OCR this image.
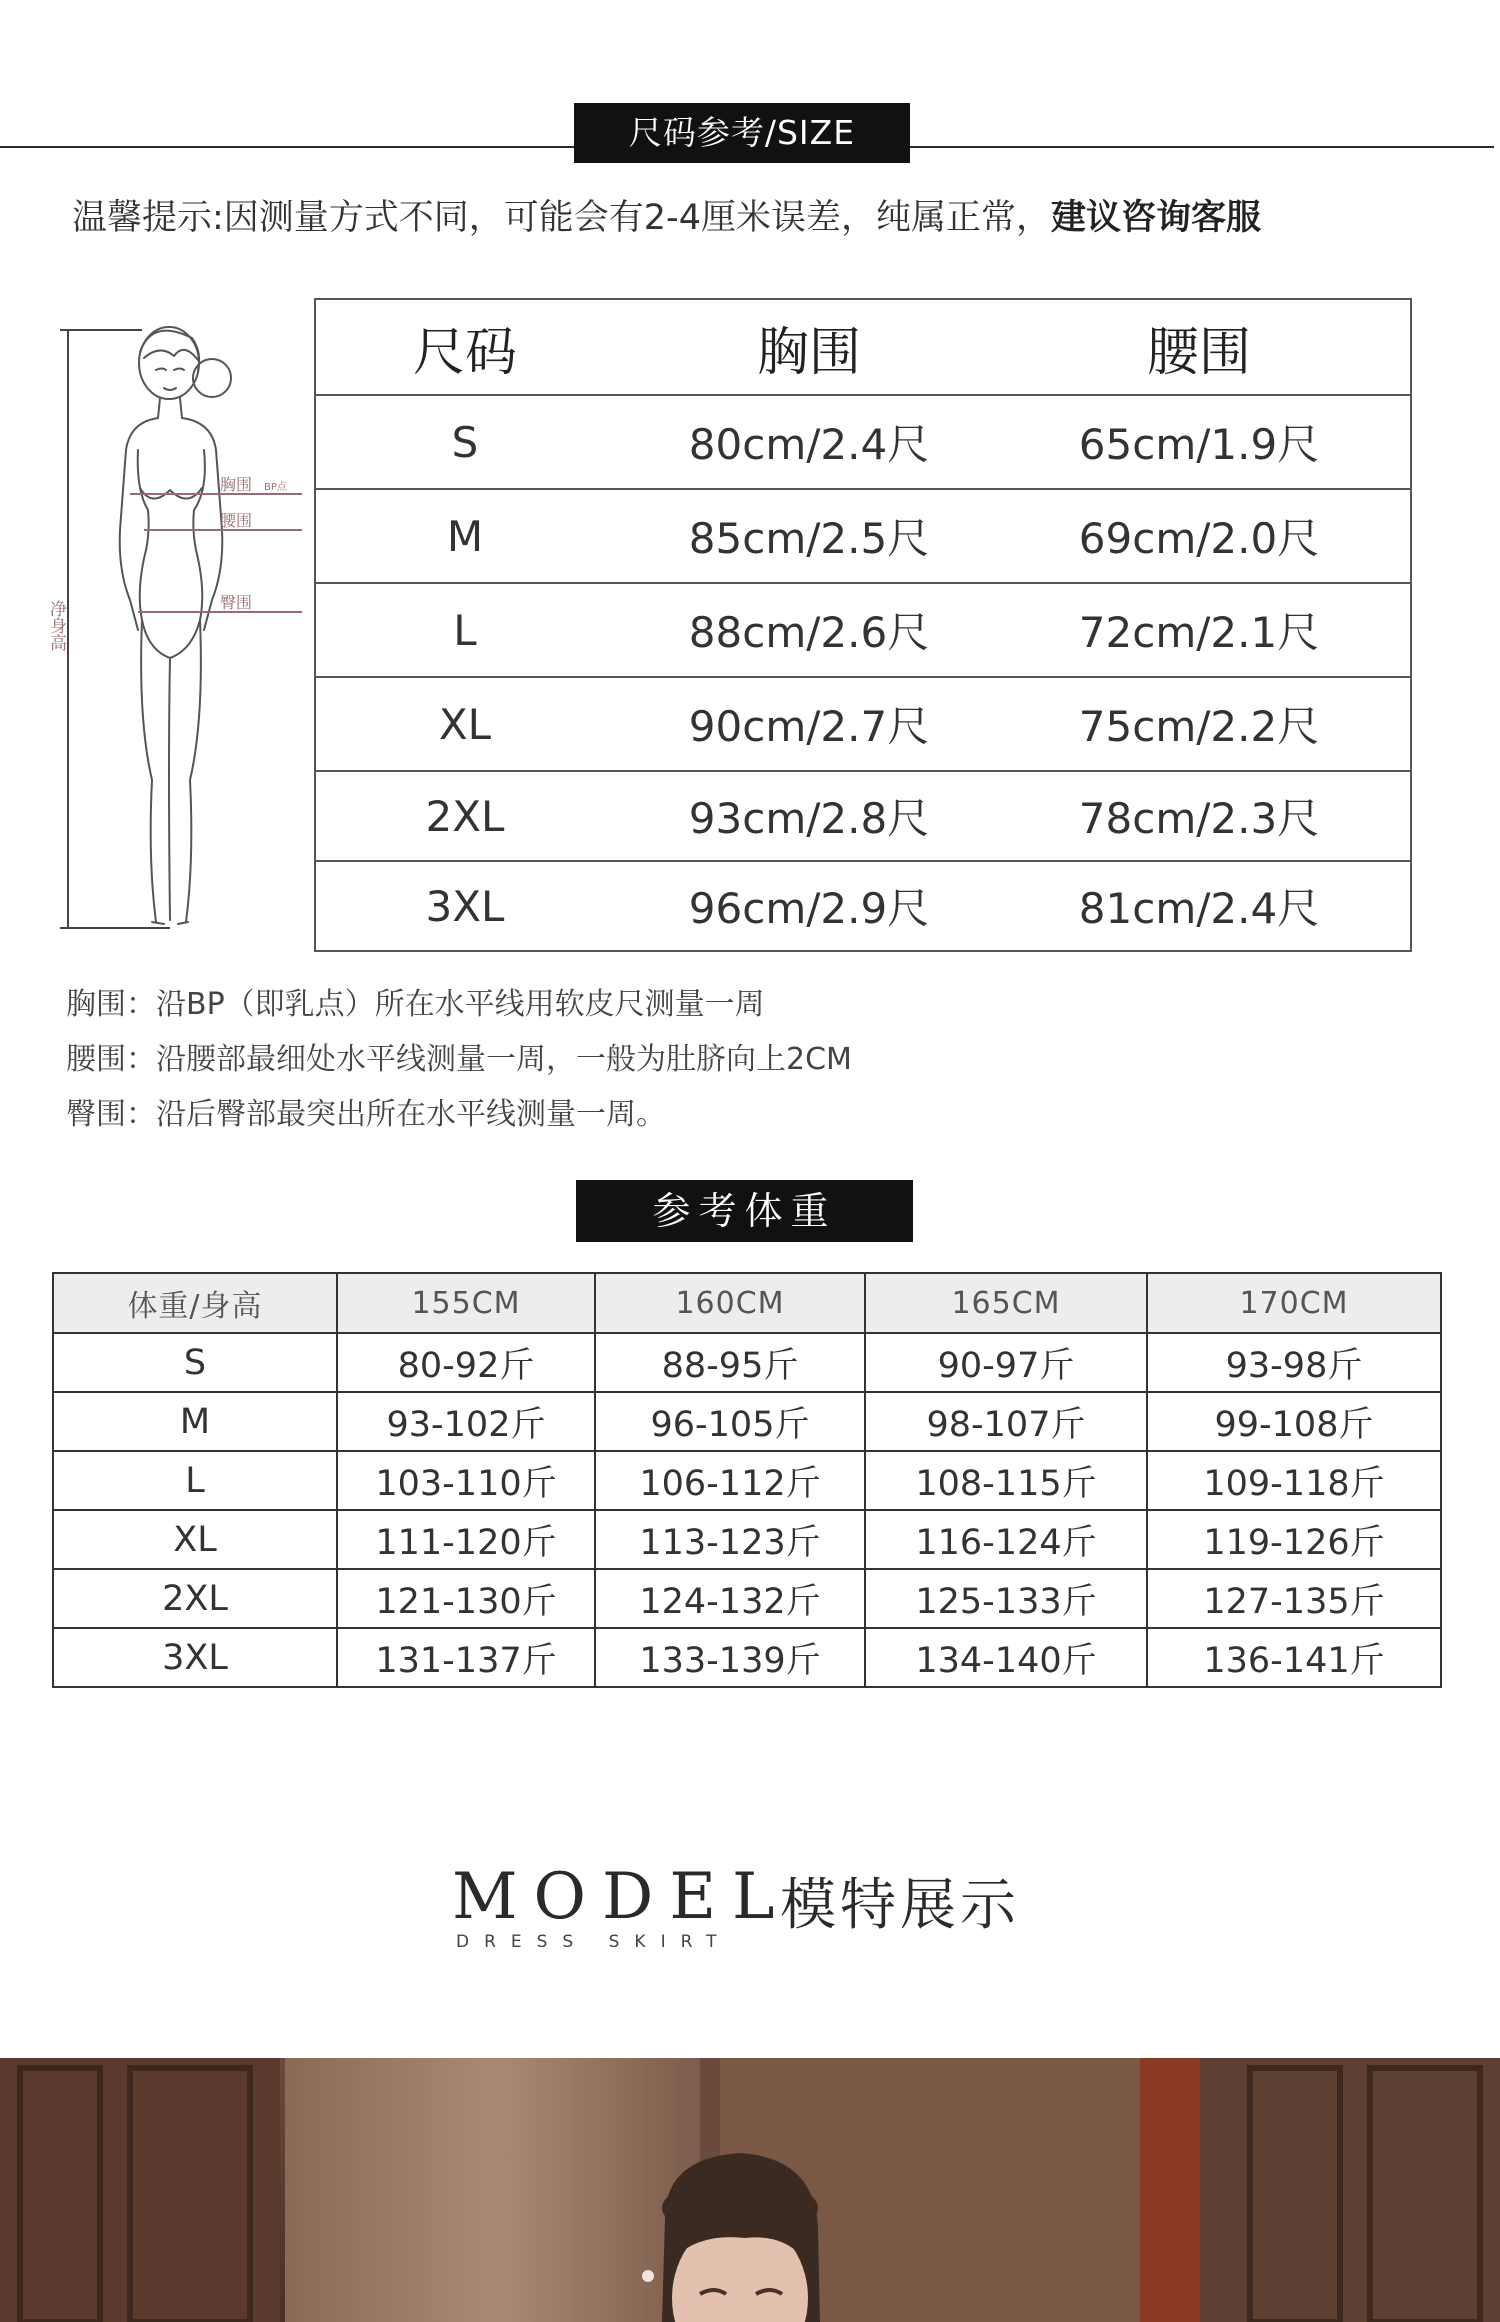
尺码参考/SIZE
温馨提示:因测量方式不同，可能会有2-4厘米误差，纯属正常，建议咨询客服
胸围 BP点
腰围
臀围
净身高
尺码	胸围	腰围
S	80cm/2.4尺	65cm/1.9尺
M	85cm/2.5尺	69cm/2.0尺
L	88cm/2.6尺	72cm/2.1尺
XL	90cm/2.7尺	75cm/2.2尺
2XL	93cm/2.8尺	78cm/2.3尺
3XL	96cm/2.9尺	81cm/2.4尺
胸围：沿BP（即乳点）所在水平线用软皮尺测量一周
腰围：沿腰部最细处水平线测量一周，一般为肚脐向上2CM
臀围：沿后臀部最突出所在水平线测量一周。
参考体重
体重/身高	155CM	160CM	165CM	170CM
S	80-92斤	88-95斤	90-97斤	93-98斤
M	93-102斤	96-105斤	98-107斤	99-108斤
L	103-110斤	106-112斤	108-115斤	109-118斤
XL	111-120斤	113-123斤	116-124斤	119-126斤
2XL	121-130斤	124-132斤	125-133斤	127-135斤
3XL	131-137斤	133-139斤	134-140斤	136-141斤
MODEL
DRESS SKIRT
模特展示
